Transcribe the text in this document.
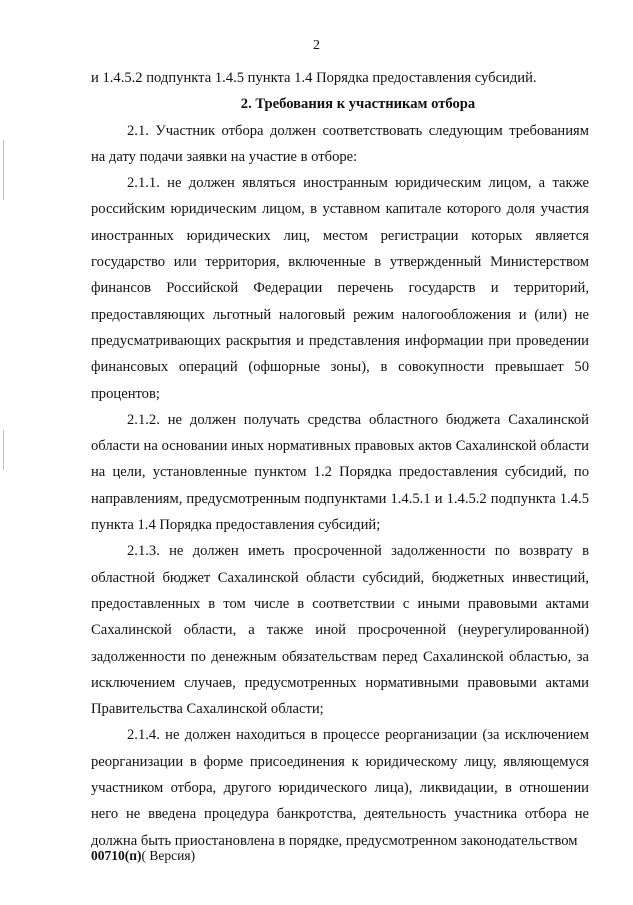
2

и 1.4.5.2 подпункта 1.4.5 пункта 1.4 Порядка предоставления субсидий.

2. Требования к участникам отбора

2.1. Участник отбора должен соответствовать следующим требованиям на дату подачи заявки на участие в отборе:

2.1.1. не должен являться иностранным юридическим лицом, а также российским юридическим лицом, в уставном капитале которого доля участия иностранных юридических лиц, местом регистрации которых является государство или территория, включенные в утвержденный Министерством финансов Российской Федерации перечень государств и территорий, предоставляющих льготный налоговый режим налогообложения и (или) не предусматривающих раскрытия и представления информации при проведении финансовых операций (офшорные зоны), в совокупности превышает 50 процентов;

2.1.2. не должен получать средства областного бюджета Сахалинской области на основании иных нормативных правовых актов Сахалинской области на цели, установленные пунктом 1.2 Порядка предоставления субсидий, по направлениям, предусмотренным подпунктами 1.4.5.1 и 1.4.5.2 подпункта 1.4.5 пункта 1.4 Порядка предоставления субсидий;

2.1.3. не должен иметь просроченной задолженности по возврату в областной бюджет Сахалинской области субсидий, бюджетных инвестиций, предоставленных в том числе в соответствии с иными правовыми актами Сахалинской области, а также иной просроченной (неурегулированной) задолженности по денежным обязательствам перед Сахалинской областью, за исключением случаев, предусмотренных нормативными правовыми актами Правительства Сахалинской области;

2.1.4. не должен находиться в процессе реорганизации (за исключением реорганизации в форме присоединения к юридическому лицу, являющемуся участником отбора, другого юридического лица), ликвидации, в отношении него не введена процедура банкротства, деятельность участника отбора не должна быть приостановлена в порядке, предусмотренном законодательством

00710(п)( Версия)
